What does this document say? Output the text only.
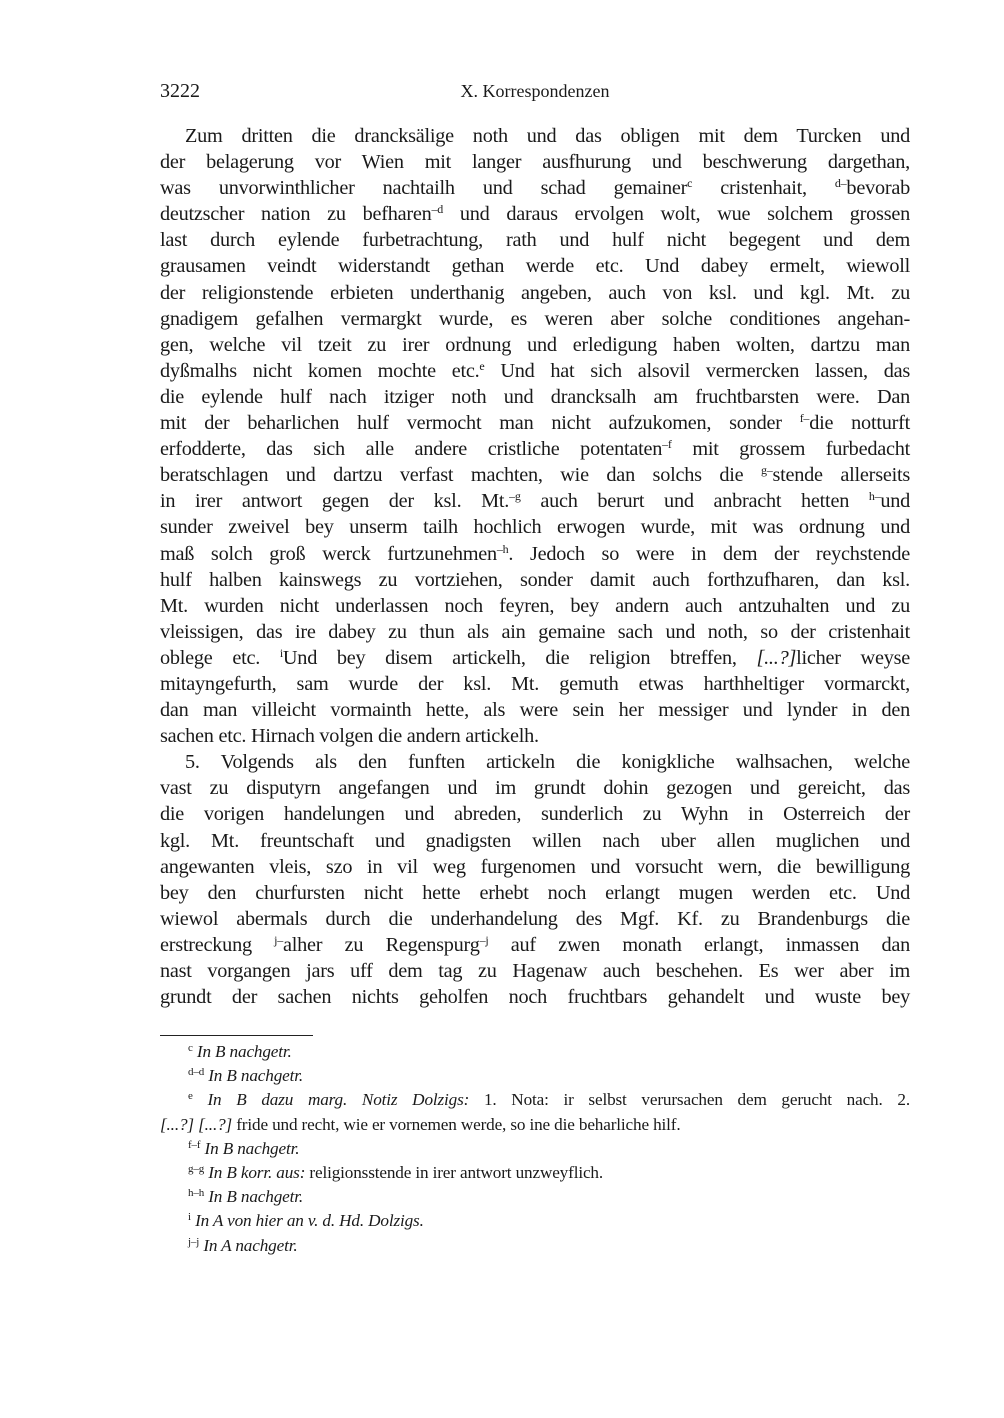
3222	X. Korrespondenzen
Zum dritten die drancksälige noth und das obligen mit dem Turcken und
der belagerung vor Wien mit langer ausfhurung und beschwerung dargethan,
was unvorwinthlicher nachtailh und schad gemainer$^c$ cristenhait, $^{d-}$bevorab
deutzscher nation zu befharen$^{-d}$ und daraus ervolgen wolt, wue solchem grossen
last durch eylende furbetrachtung, rath und hulf nicht begegent und dem
grausamen veindt widerstandt gethan werde etc. Und dabey ermelt, wiewoll
der religionstende erbieten underthanig angeben, auch von ksl. und kgl. Mt. zu
gnadigem gefalhen vermargkt wurde, es weren aber solche conditiones angehan-
gen, welche vil tzeit zu irer ordnung und erledigung haben wolten, dartzu man
dyßmalhs nicht komen mochte etc.$^e$ Und hat sich alsovil vermercken lassen, das
die eylende hulf nach itziger noth und drancksalh am fruchtbarsten were. Dan
mit der beharlichen hulf vermocht man nicht aufzukomen, sonder $^{f-}$die notturft
erfodderte, das sich alle andere cristliche potentaten$^{-f}$ mit grossem furbedacht
beratschlagen und dartzu verfast machten, wie dan solchs die $^{g-}$stende allerseits
in irer antwort gegen der ksl. Mt.$^{-g}$ auch berurt und anbracht hetten $^{h-}$und
sunder zweivel bey unserm tailh hochlich erwogen wurde, mit was ordnung und
maß solch groß werck furtzunehmen$^{-h}$. Jedoch so were in dem der reychstende
hulf halben kainswegs zu vortziehen, sonder damit auch forthzufharen, dan ksl.
Mt. wurden nicht underlassen noch feyren, bey andern auch antzuhalten und zu
vleissigen, das ire dabey zu thun als ain gemaine sach und noth, so der cristenhait
oblege etc. $^i$Und bey disem artickelh, die religion btreffen, [...?]licher weyse
mitayngefurth, sam wurde der ksl. Mt. gemuth etwas harthheltiger vormarckt,
dan man villeicht vormainth hette, als were sein her messiger und lynder in den
sachen etc. Hirnach volgen die andern artickelh.
5. Volgends als den funften artickeln die konigkliche walhsachen, welche
vast zu disputyrn angefangen und im grundt dohin gezogen und gereicht, das
die vorigen handelungen und abreden, sunderlich zu Wyhn in Osterreich der
kgl. Mt. freuntschaft und gnadigsten willen nach uber allen muglichen und
angewanten vleis, szo in vil weg furgenomen und vorsucht wern, die bewilligung
bey den churfursten nicht hette erhebt noch erlangt mugen werden etc. Und
wiewol abermals durch die underhandelung des Mgf. Kf. zu Brandenburgs die
erstreckung $^{j-}$alher zu Regenspurg$^{-j}$ auf zwen monath erlangt, inmassen dan
nast vorgangen jars uff dem tag zu Hagenaw auch beschehen. Es wer aber im
grundt der sachen nichts geholfen noch fruchtbars gehandelt und wuste bey
$^c$ In B nachgetr.
$^{d-d}$ In B nachgetr.
$^e$ In B dazu marg. Notiz Dolzigs: 1. Nota: ir selbst verursachen dem gerucht nach. 2.
[...?] [...?] fride und recht, wie er vornemen werde, so ine die beharliche hilf.
$^{f-f}$ In B nachgetr.
$^{g-g}$ In B korr. aus: religionsstende in irer antwort unzweyflich.
$^{h-h}$ In B nachgetr.
$^i$ In A von hier an v. d. Hd. Dolzigs.
$^{j-j}$ In A nachgetr.
